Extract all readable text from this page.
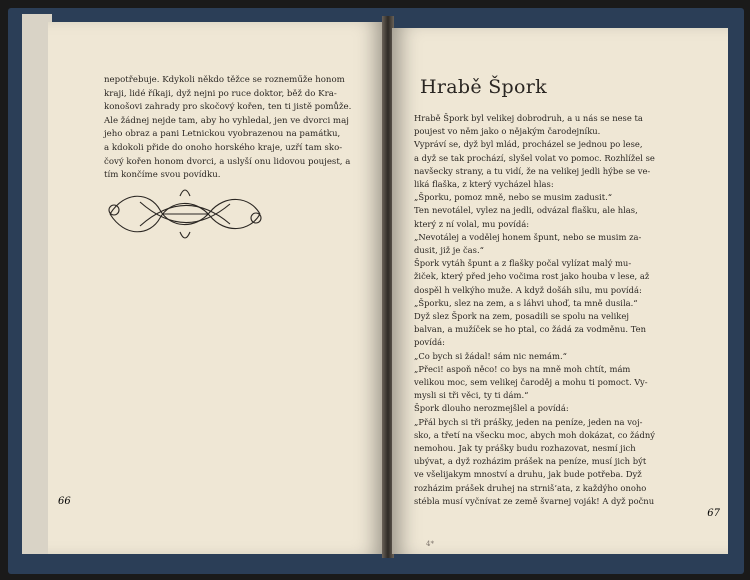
nepotřebuje. Kdykoli někdo těžce se rozneműže honom
kraji, lidé říkaji, dyž nejni po ruce doktor, běž do Kra-
konošovi zahrady pro skočový kořen, ten ti jistě pomůže.
Ale žádnej nejde tam, aby ho vyhledal, jen ve dvorci maj
jeho obraz a pani Letnickou vyobrazenou na památku,
a kdokoli přide do onoho horského kraje, uzří tam sko-
čový kořen honom dvorci, a uslyší onu lidovou poujest, a
tím končíme svou povídku.

66
Hrabě Špork

Hrabě Špork byl velikej dobrodruh, a u nás se nese ta
poujest vo něm jako o nějakým čarodejníku.
Vypráví se, dyž byl mlád, procházel se jednou po lese,
a dyž se tak prochází, slyšel volat vo pomoc. Rozhlížel se
navšecky strany, a tu vidí, že na velikej jedli hýbe se ve-
liká flaška, z který vycházel hlas:
„Šporku, pomoz mně, nebo se musim zadusit.“
Ten nevotálel, vylez na jedli, odvázal flašku, ale hlas,
který z ní volal, mu povídá:
„Nevotálej a vodělej honem špunt, nebo se musim za-
dusit, již je čas.“
Špork vytáh špunt a z flašky počal vylízat malý mu-
žiček, který před jeho vočima rost jako houba v lese, až
dospěl h velkýho muže. A když došáh silu, mu povídá:
„Šporku, slez na zem, a s láhvi uhoď, ta mně dusila.“
Dyž slez Špork na zem, posadili se spolu na velikej
balvan, a mužíček se ho ptal, co žádá za vodměnu. Ten
povídá:
„Co bych si žádal! sám nic nemám.“
„Přeci! aspoň něco! co bys na mně moh chtít, mám
velikou moc, sem velikej čaroděj a mohu ti pomoct. Vy-
mysli si tři věci, ty ti dám.“
Špork dlouho nerozmejšlel a povídá:
„Přál bych si tři prášky, jeden na peníze, jeden na voj-
sko, a třetí na všecku moc, abych moh dokázat, co žádný
nemohou. Jak ty prášky budu rozhazovat, nesmí jich
ubývat, a dyž rozházim prášek na peníze, musí jich být
ve všelijakym mnoství a druhu, jak bude potřeba. Dyž
rozházim prášek druhej na strniš’ata, z každýho onoho
stébla musí vyčnívat ze země švarnej voják! A dyž počnu

4*
67
